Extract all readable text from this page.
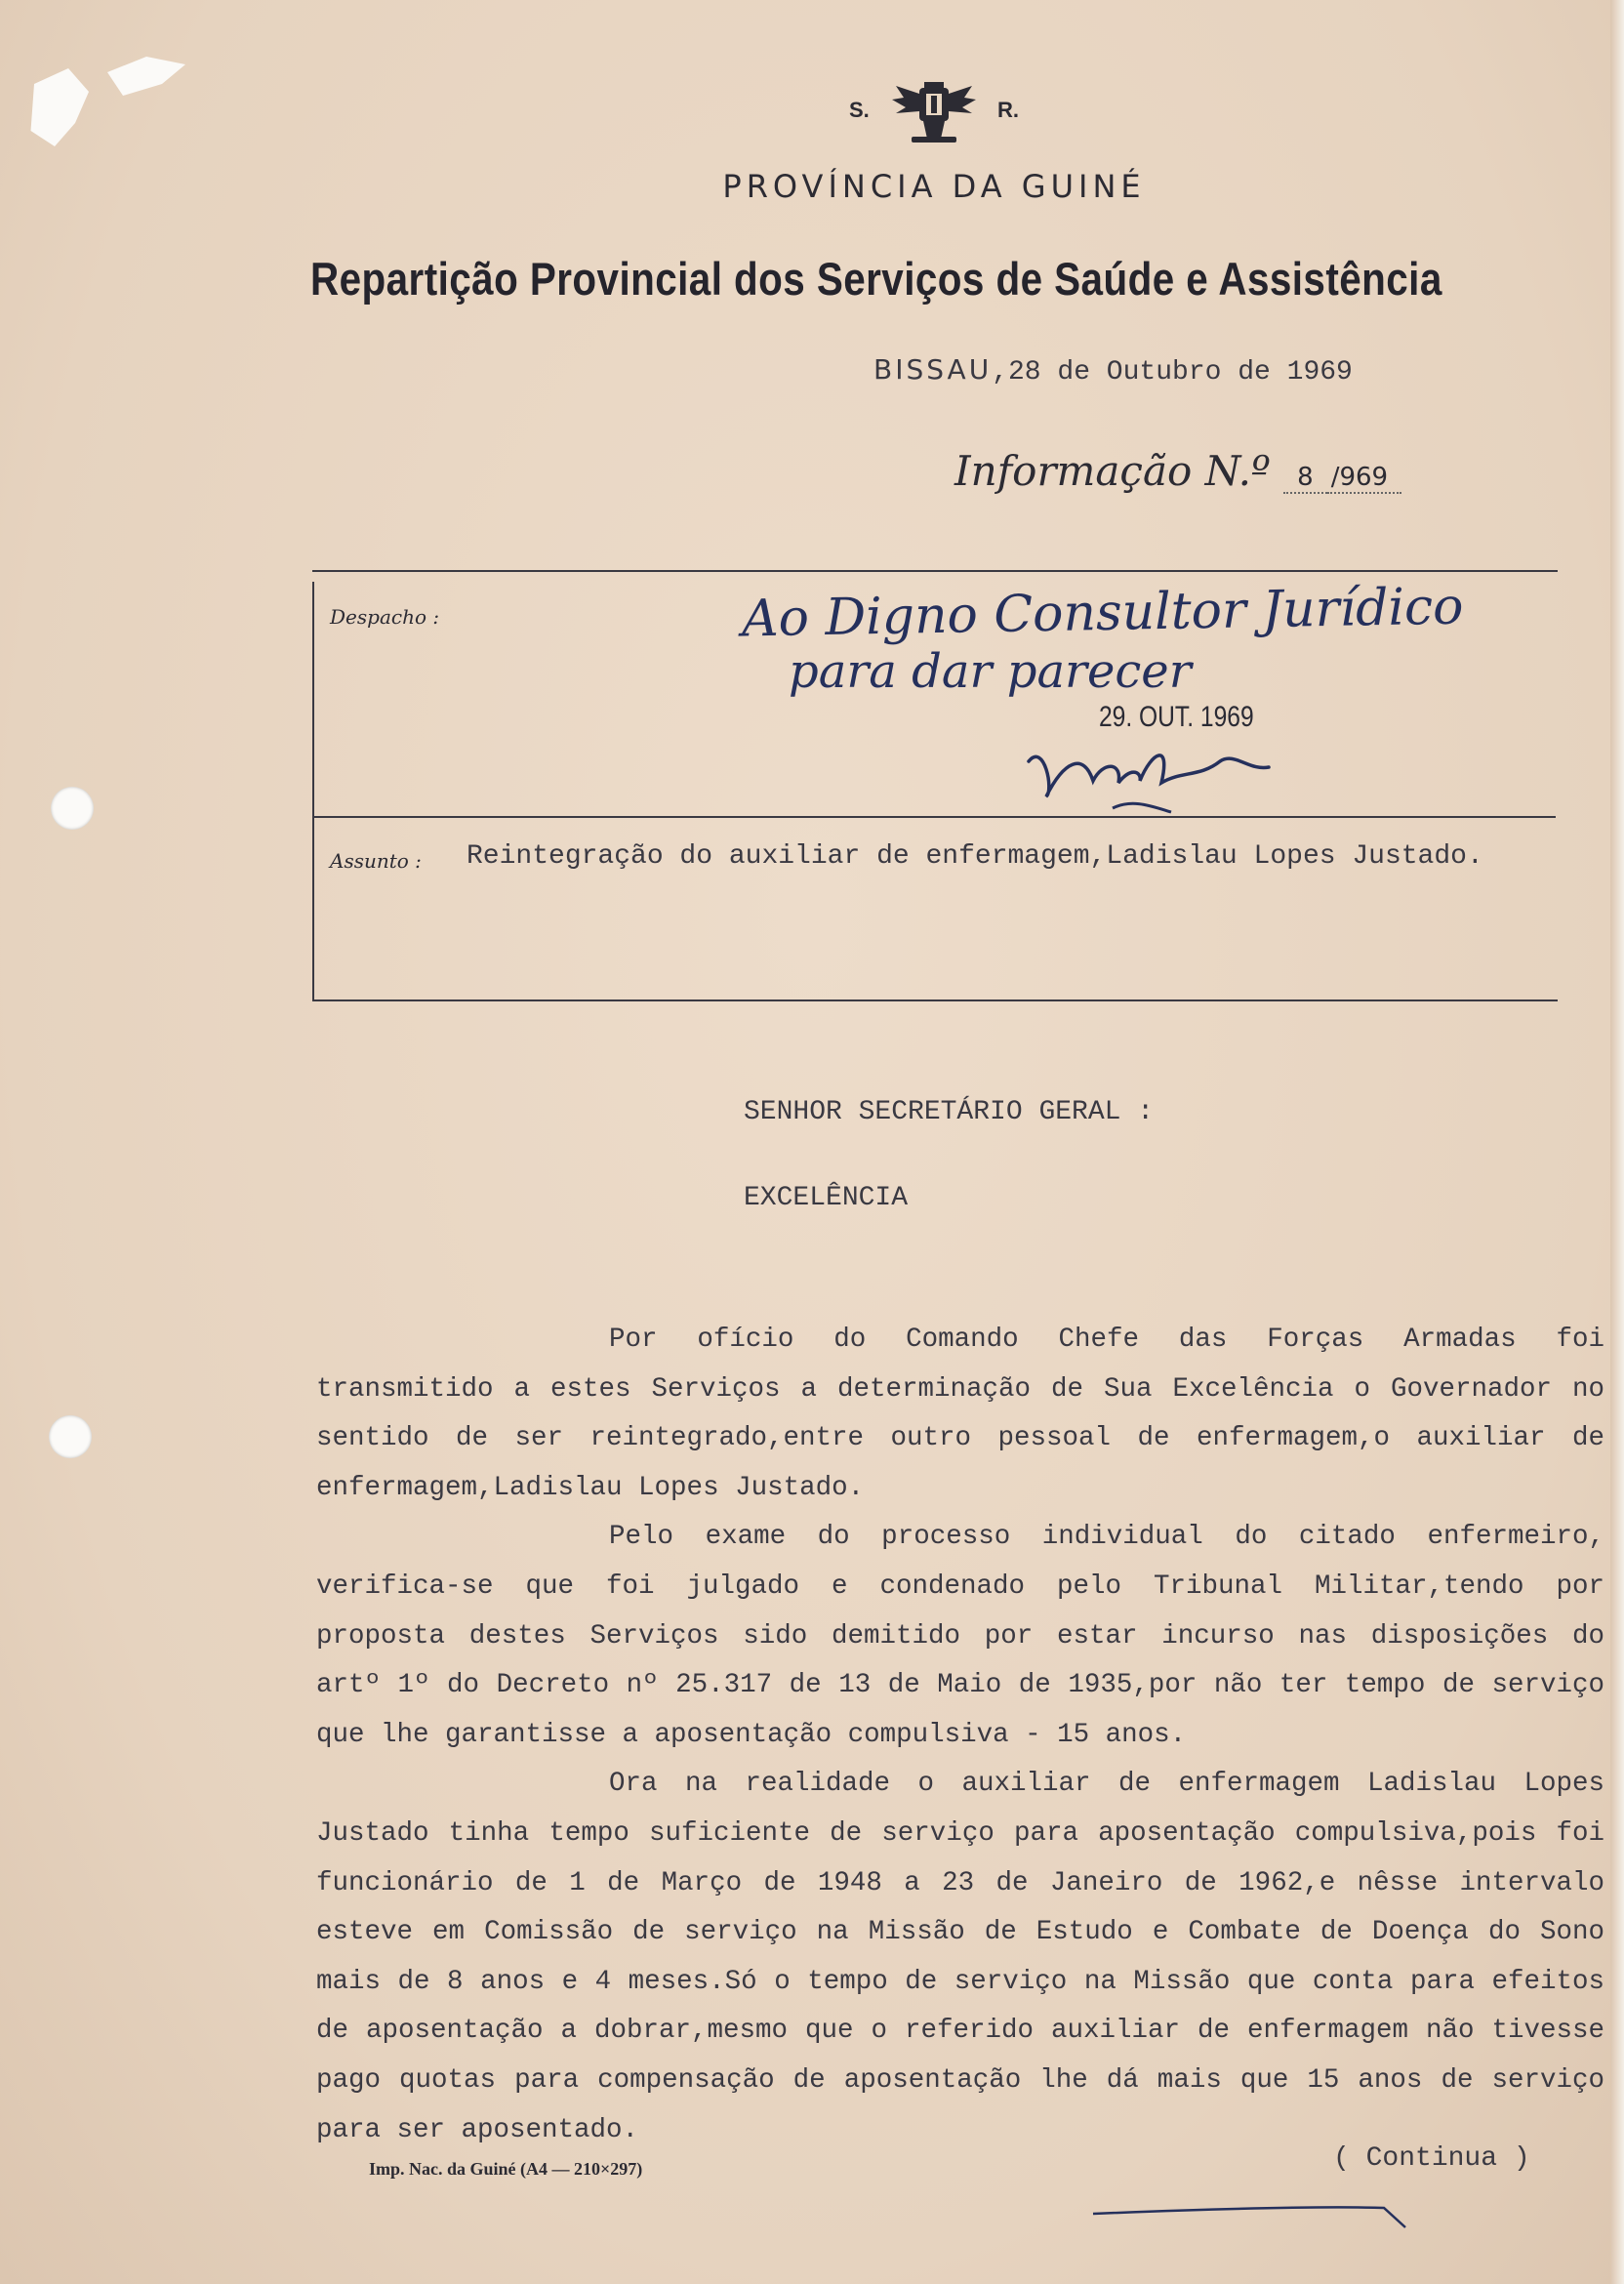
S.	R.
PROVÍNCIA DA GUINÉ
Repartição Provincial dos Serviços de Saúde e Assistência
BISSAU,28 de Outubro de 1969
Informação N.º 8 /969
Despacho :	Ao Digno Consultor Jurídico
para dar parecer
29. OUT. 1969
Assunto : Reintegração do auxiliar de enfermagem,Ladislau Lopes Justado.
SENHOR SECRETÁRIO GERAL :
EXCELÊNCIA

Por ofício do Comando Chefe das Forças Armadas foi transmitido a estes Serviços a determinação de Sua Excelência o Governador no sentido de ser reintegrado,entre outro pessoal de enfermagem,o auxiliar de enfermagem,Ladislau Lopes Justado.

Pelo exame do processo individual do citado enfermeiro, verifica-se que foi julgado e condenado pelo Tribunal Militar,tendo por proposta destes Serviços sido demitido por estar incurso nas disposições do artº 1º do Decreto nº 25.317 de 13 de Maio de 1935,por não ter tempo de serviço que lhe garantisse a aposentação compulsiva - 15 anos.

Ora na realidade o auxiliar de enfermagem Ladislau Lopes Justado tinha tempo suficiente de serviço para aposentação compulsiva,pois foi funcionário de 1 de Março de 1948 a 23 de Janeiro de 1962,e nêsse intervalo esteve em Comissão de serviço na Missão de Estudo e Combate de Doença do Sono mais de 8 anos e 4 meses.Só o tempo de serviço na Missão que conta para efeitos de aposentação a dobrar,mesmo que o referido auxiliar de enfermagem não tivesse pago quotas para compensação de aposentação lhe dá mais que 15 anos de serviço para ser aposentado.

( Continua )
Imp. Nac. da Guiné (A4 — 210×297)
